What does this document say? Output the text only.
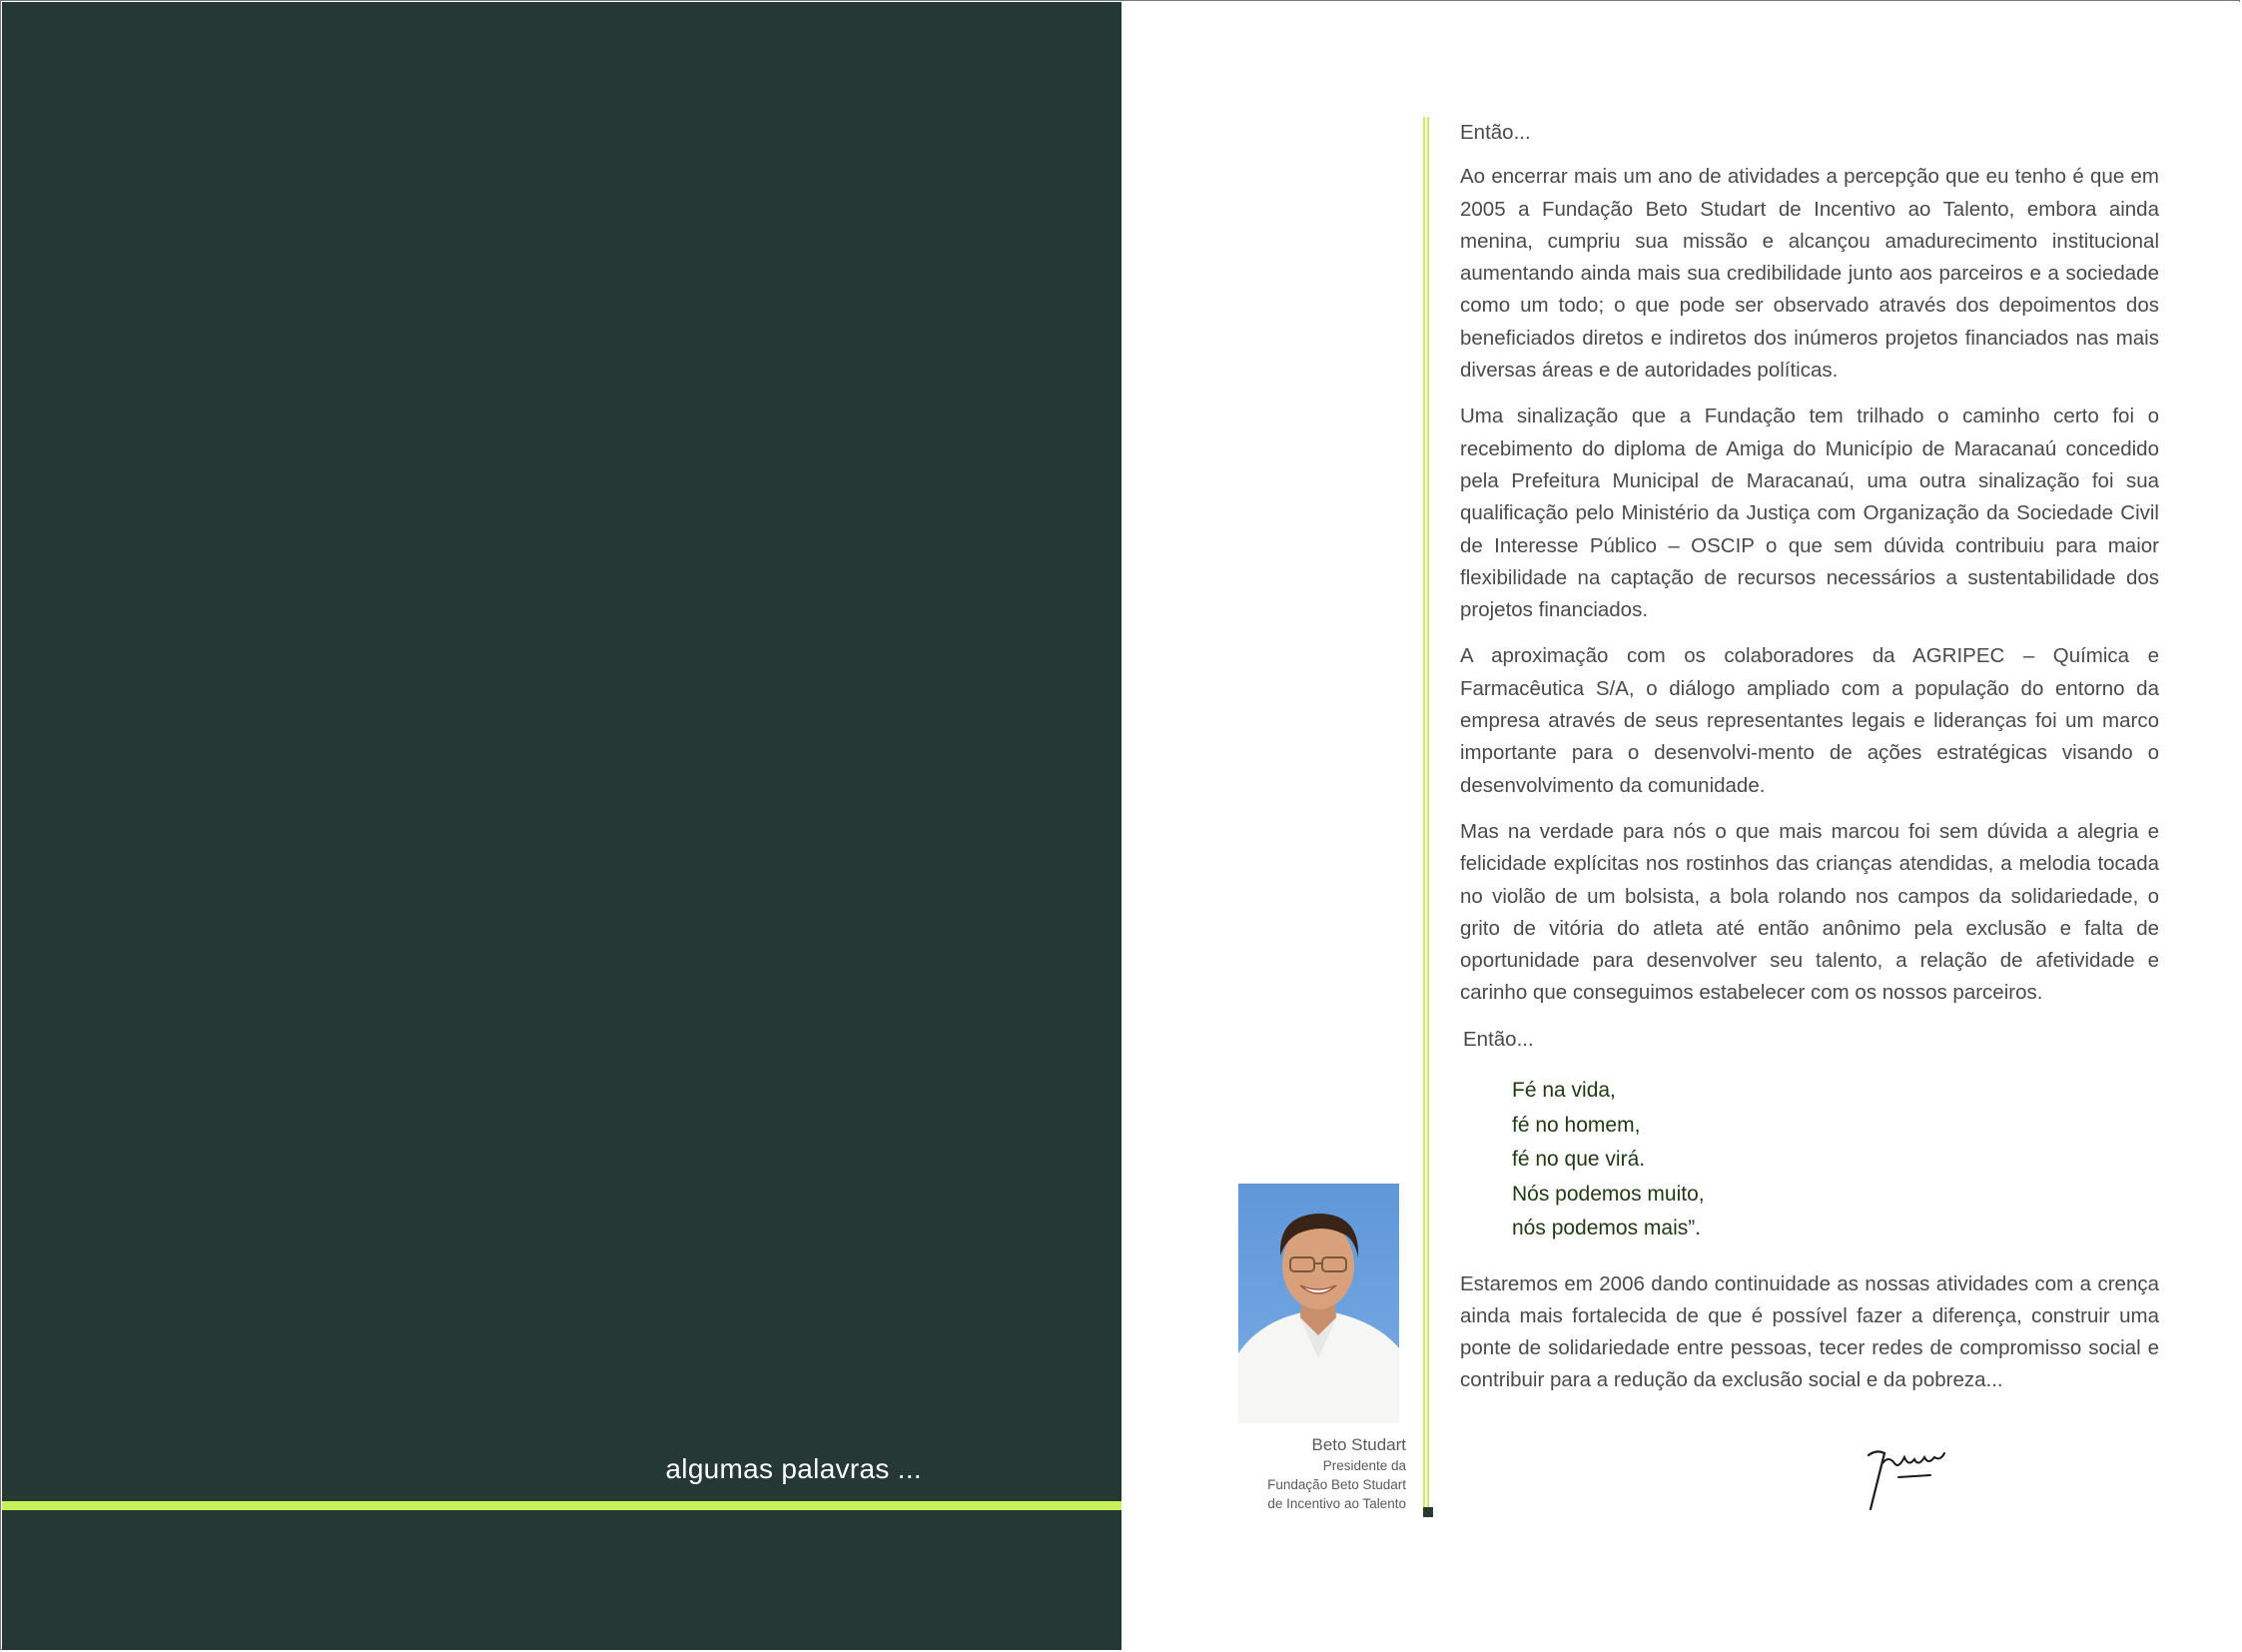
algumas palavras ...

Então...

Ao encerrar mais um ano de atividades a percepção que eu tenho é que em 2005 a Fundação Beto Studart de Incentivo ao Talento, embora ainda menina, cumpriu sua missão e alcançou amadurecimento institucional aumentando ainda mais sua credibilidade junto aos parceiros e a sociedade como um todo; o que pode ser observado através dos depoimentos dos beneficiados diretos e indiretos dos inúmeros projetos financiados nas mais diversas áreas e de autoridades políticas.

Uma sinalização que a Fundação tem trilhado o caminho certo foi o recebimento do diploma de Amiga do Município de Maracanaú concedido pela Prefeitura Municipal de Maracanaú, uma outra sinalização foi sua qualificação pelo Ministério da Justiça com Organização da Sociedade Civil de Interesse Público – OSCIP o que sem dúvida contribuiu para maior flexibilidade na captação de recursos necessários a sustentabilidade dos projetos financiados.

A aproximação com os colaboradores da AGRIPEC – Química e Farmacêutica S/A, o diálogo ampliado com a população do entorno da empresa através de seus representantes legais e lideranças foi um marco importante para o desenvolvi-mento de ações estratégicas visando o desenvolvimento da comunidade.

Mas na verdade para nós o que mais marcou foi sem dúvida a alegria e felicidade explícitas nos rostinhos das crianças atendidas, a melodia tocada no violão de um bolsista, a bola rolando nos campos da solidariedade, o grito de vitória do atleta até então anônimo pela exclusão e falta de oportunidade para desenvolver seu talento, a relação de afetividade e carinho que conseguimos estabelecer com os nossos parceiros.

Então...

Fé na vida,
fé no homem,
fé no que virá.
Nós podemos muito,
nós podemos mais”.

Estaremos em 2006 dando continuidade as nossas atividades com a crença ainda mais fortalecida de que é possível fazer a diferença, construir uma ponte de solidariedade entre pessoas, tecer redes de compromisso social e contribuir para a redução da exclusão social e da pobreza...

Beto Studart
Presidente da
Fundação Beto Studart
de Incentivo ao Talento
